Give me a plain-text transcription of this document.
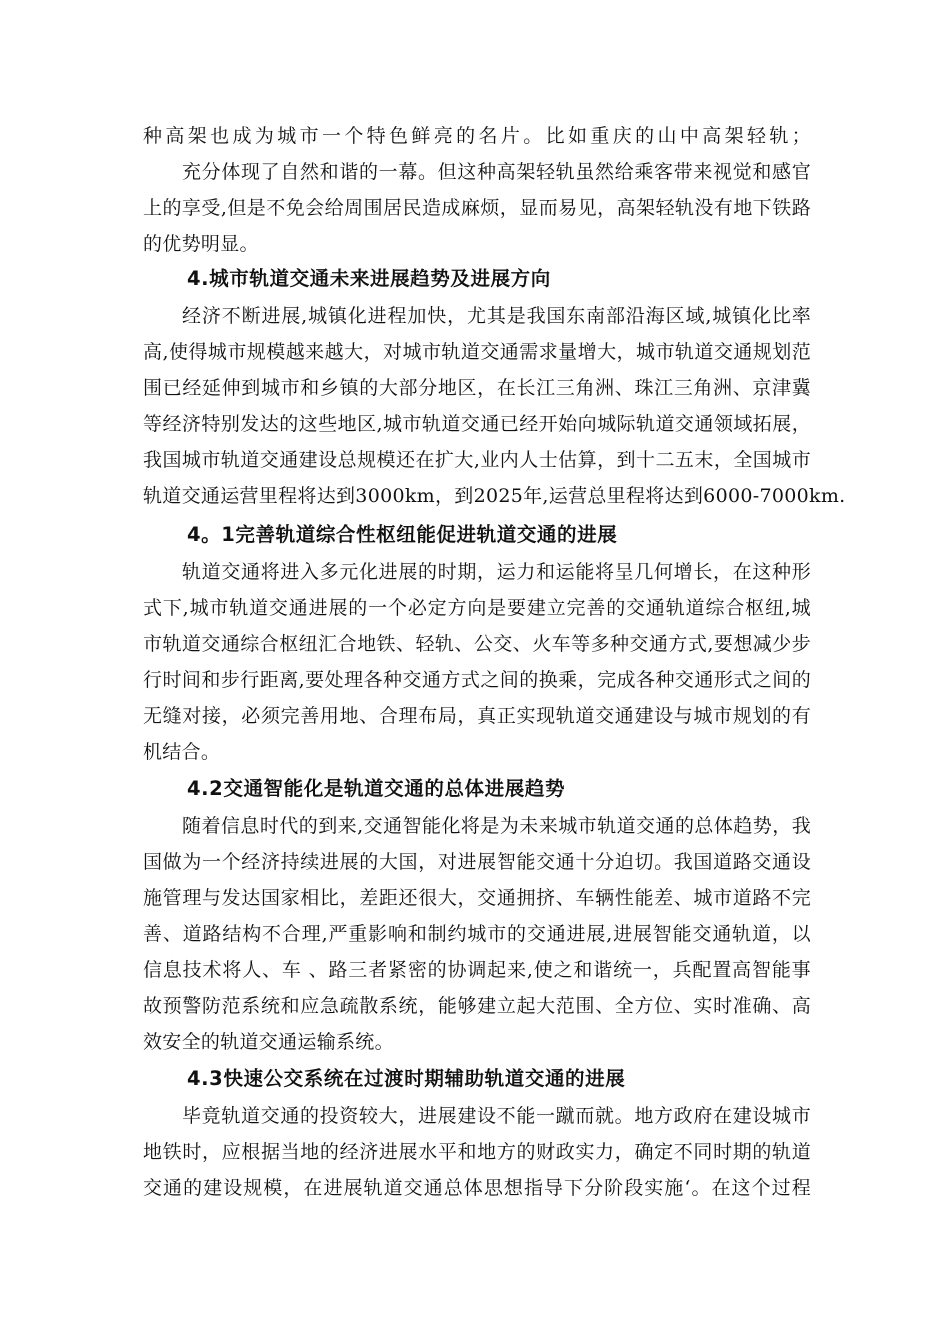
种高架也成为城市一个特色鲜亮的名片。比如重庆的山中高架轻轨；
充分体现了自然和谐的一幕。但这种高架轻轨虽然给乘客带来视觉和感官
上的享受,但是不免会给周围居民造成麻烦，显而易见，高架轻轨没有地下铁路
的优势明显。
4.城市轨道交通未来进展趋势及进展方向
经济不断进展,城镇化进程加快，尤其是我国东南部沿海区域,城镇化比率
高,使得城市规模越来越大，对城市轨道交通需求量增大，城市轨道交通规划范
围已经延伸到城市和乡镇的大部分地区，在长江三角洲、珠江三角洲、京津冀
等经济特别发达的这些地区,城市轨道交通已经开始向城际轨道交通领域拓展，
我国城市轨道交通建设总规模还在扩大,业内人士估算，到十二五末，全国城市
轨道交通运营里程将达到3000km，到2025年,运营总里程将达到6000-7000km.
4。1完善轨道综合性枢纽能促进轨道交通的进展
轨道交通将进入多元化进展的时期，运力和运能将呈几何增长，在这种形
式下,城市轨道交通进展的一个必定方向是要建立完善的交通轨道综合枢纽,城
市轨道交通综合枢纽汇合地铁、轻轨、公交、火车等多种交通方式,要想减少步
行时间和步行距离,要处理各种交通方式之间的换乘，完成各种交通形式之间的
无缝对接，必须完善用地、合理布局，真正实现轨道交通建设与城市规划的有
机结合。
4.2交通智能化是轨道交通的总体进展趋势
随着信息时代的到来,交通智能化将是为未来城市轨道交通的总体趋势，我
国做为一个经济持续进展的大国，对进展智能交通十分迫切。我国道路交通设
施管理与发达国家相比，差距还很大，交通拥挤、车辆性能差、城市道路不完
善、道路结构不合理,严重影响和制约城市的交通进展,进展智能交通轨道，以
信息技术将人、车 、路三者紧密的协调起来,使之和谐统一，兵配置高智能事
故预警防范系统和应急疏散系统，能够建立起大范围、全方位、实时准确、高
效安全的轨道交通运输系统。
4.3快速公交系统在过渡时期辅助轨道交通的进展
毕竟轨道交通的投资较大，进展建设不能一蹴而就。地方政府在建设城市
地铁时，应根据当地的经济进展水平和地方的财政实力，确定不同时期的轨道
交通的建设规模，在进展轨道交通总体思想指导下分阶段实施‘。在这个过程
